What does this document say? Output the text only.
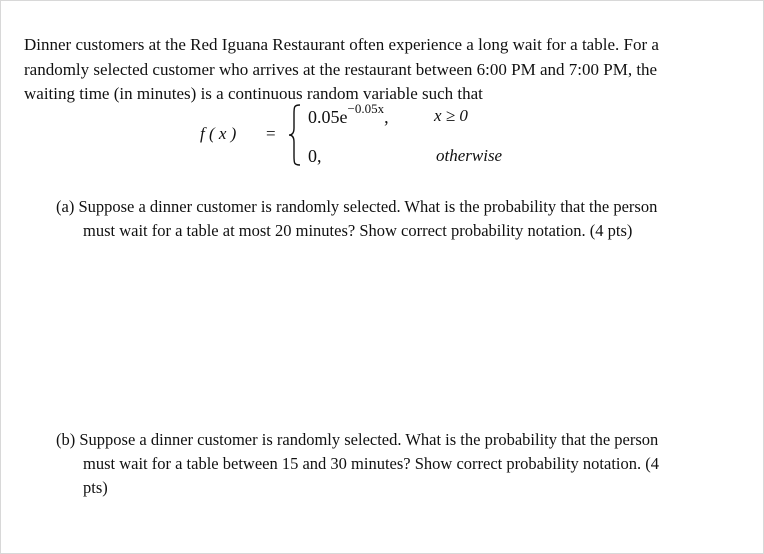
Dinner customers at the Red Iguana Restaurant often experience a long wait for a table. For a
randomly selected customer who arrives at the restaurant between 6:00 PM and 7:00 PM, the
waiting time (in minutes) is a continuous random variable such that
f ( x ) =
$0.05e^{-0.05x}$,	x ≥ 0
0,	otherwise
(a) Suppose a dinner customer is randomly selected. What is the probability that the person
must wait for a table at most 20 minutes? Show correct probability notation. (4 pts)
(b) Suppose a dinner customer is randomly selected. What is the probability that the person
must wait for a table between 15 and 30 minutes? Show correct probability notation. (4
pts)
